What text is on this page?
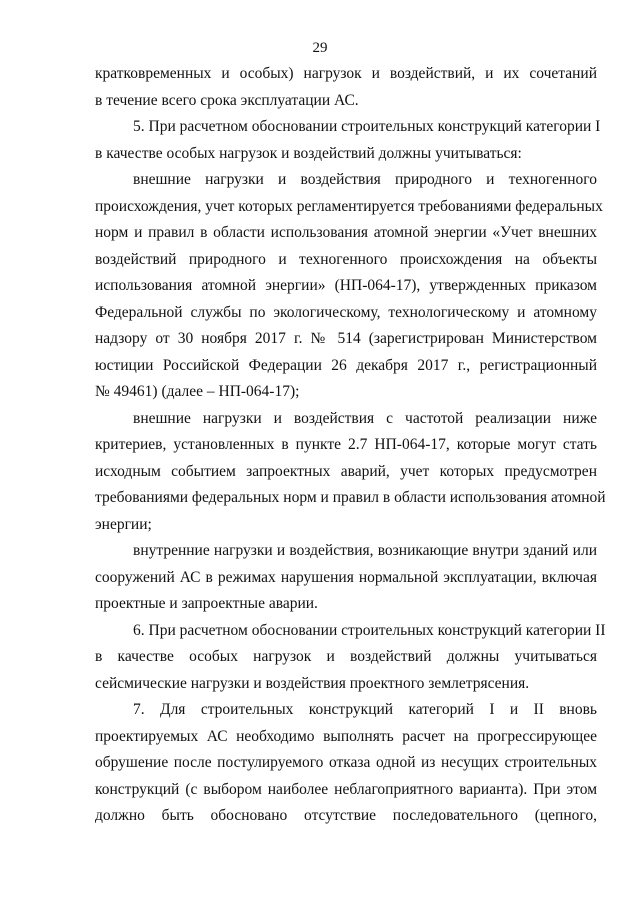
29
кратковременных и особых) нагрузок и воздействий, и их сочетаний
в течение всего срока эксплуатации АС.
5. При расчетном обосновании строительных конструкций категории I
в качестве особых нагрузок и воздействий должны учитываться:
внешние нагрузки и воздействия природного и техногенного
происхождения, учет которых регламентируется требованиями федеральных
норм и правил в области использования атомной энергии «Учет внешних
воздействий природного и техногенного происхождения на объекты
использования атомной энергии» (НП-064-17), утвержденных приказом
Федеральной службы по экологическому, технологическому и атомному
надзору от 30 ноября 2017 г. № 514 (зарегистрирован Министерством
юстиции Российской Федерации 26 декабря 2017 г., регистрационный
№ 49461) (далее – НП-064-17);
внешние нагрузки и воздействия с частотой реализации ниже
критериев, установленных в пункте 2.7 НП-064-17, которые могут стать
исходным событием запроектных аварий, учет которых предусмотрен
требованиями федеральных норм и правил в области использования атомной
энергии;
внутренние нагрузки и воздействия, возникающие внутри зданий или
сооружений АС в режимах нарушения нормальной эксплуатации, включая
проектные и запроектные аварии.
6. При расчетном обосновании строительных конструкций категории II
в качестве особых нагрузок и воздействий должны учитываться
сейсмические нагрузки и воздействия проектного землетрясения.
7. Для строительных конструкций категорий I и II вновь
проектируемых АС необходимо выполнять расчет на прогрессирующее
обрушение после постулируемого отказа одной из несущих строительных
конструкций (с выбором наиболее неблагоприятного варианта). При этом
должно быть обосновано отсутствие последовательного (цепного,
